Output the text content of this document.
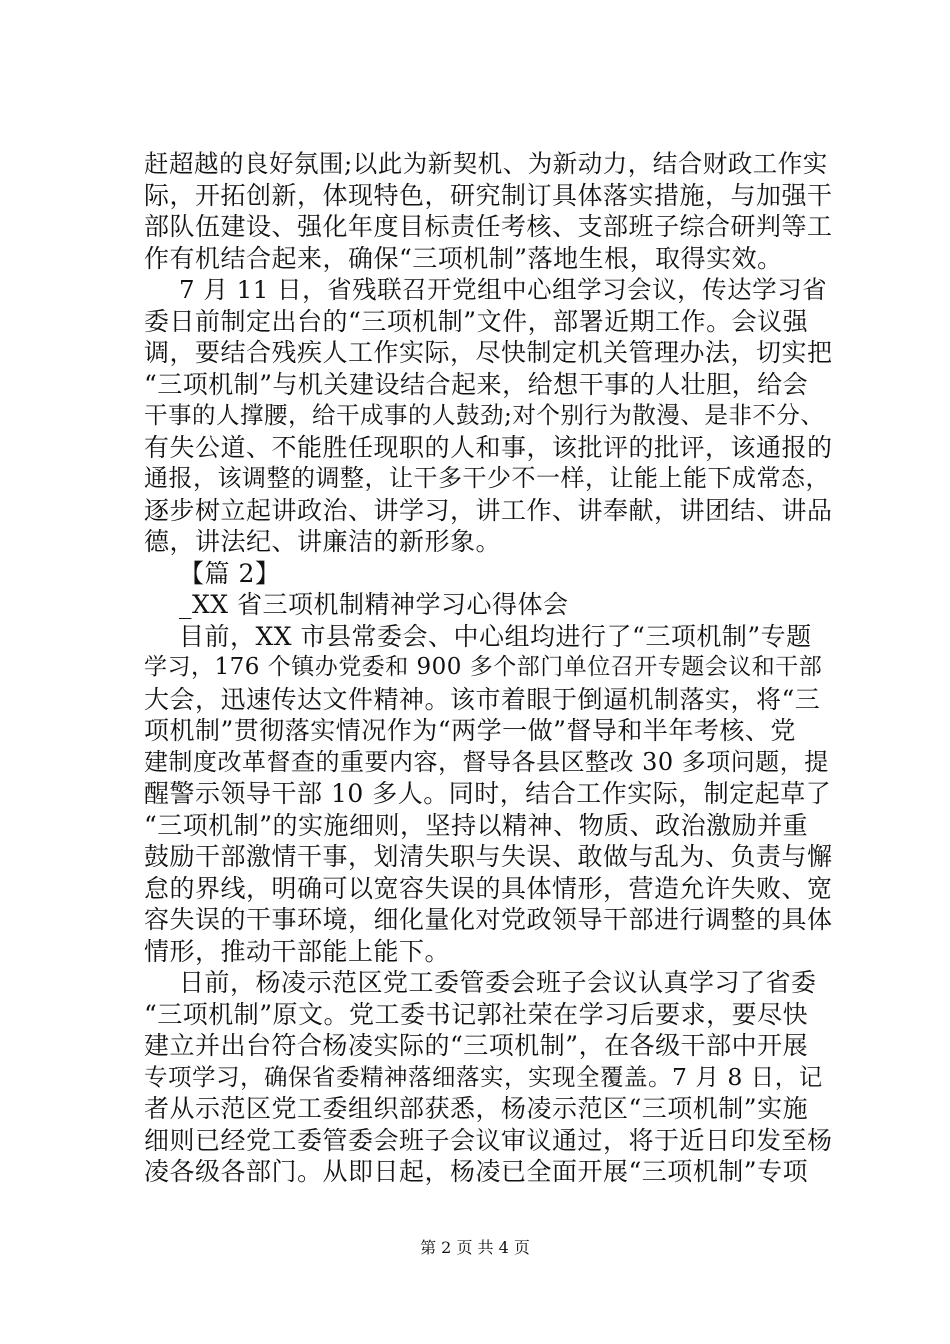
赶超越的良好氛围;以此为新契机、为新动力，结合财政工作实
际，开拓创新，体现特色，研究制订具体落实措施，与加强干
部队伍建设、强化年度目标责任考核、支部班子综合研判等工
作有机结合起来，确保“三项机制”落地生根，取得实效。
7 月 11 日，省残联召开党组中心组学习会议，传达学习省
委日前制定出台的“三项机制”文件，部署近期工作。会议强
调，要结合残疾人工作实际，尽快制定机关管理办法，切实把
“三项机制”与机关建设结合起来，给想干事的人壮胆，给会
干事的人撑腰，给干成事的人鼓劲;对个别行为散漫、是非不分、
有失公道、不能胜任现职的人和事，该批评的批评，该通报的
通报，该调整的调整，让干多干少不一样，让能上能下成常态，
逐步树立起讲政治、讲学习，讲工作、讲奉献，讲团结、讲品
德，讲法纪、讲廉洁的新形象。
【篇 2】
_XX 省三项机制精神学习心得体会
目前，XX 市县常委会、中心组均进行了“三项机制”专题
学习，176 个镇办党委和 900 多个部门单位召开专题会议和干部
大会，迅速传达文件精神。该市着眼于倒逼机制落实，将“三
项机制”贯彻落实情况作为“两学一做”督导和半年考核、党
建制度改革督查的重要内容，督导各县区整改 30 多项问题，提
醒警示领导干部 10 多人。同时，结合工作实际，制定起草了
“三项机制”的实施细则，坚持以精神、物质、政治激励并重
鼓励干部激情干事，划清失职与失误、敢做与乱为、负责与懈
怠的界线，明确可以宽容失误的具体情形，营造允许失败、宽
容失误的干事环境，细化量化对党政领导干部进行调整的具体
情形，推动干部能上能下。
日前，杨凌示范区党工委管委会班子会议认真学习了省委
“三项机制”原文。党工委书记郭社荣在学习后要求，要尽快
建立并出台符合杨凌实际的“三项机制”，在各级干部中开展
专项学习，确保省委精神落细落实，实现全覆盖。7 月 8 日，记
者从示范区党工委组织部获悉，杨凌示范区“三项机制”实施
细则已经党工委管委会班子会议审议通过，将于近日印发至杨
凌各级各部门。从即日起，杨凌已全面开展“三项机制”专项
第 2 页 共 4 页
